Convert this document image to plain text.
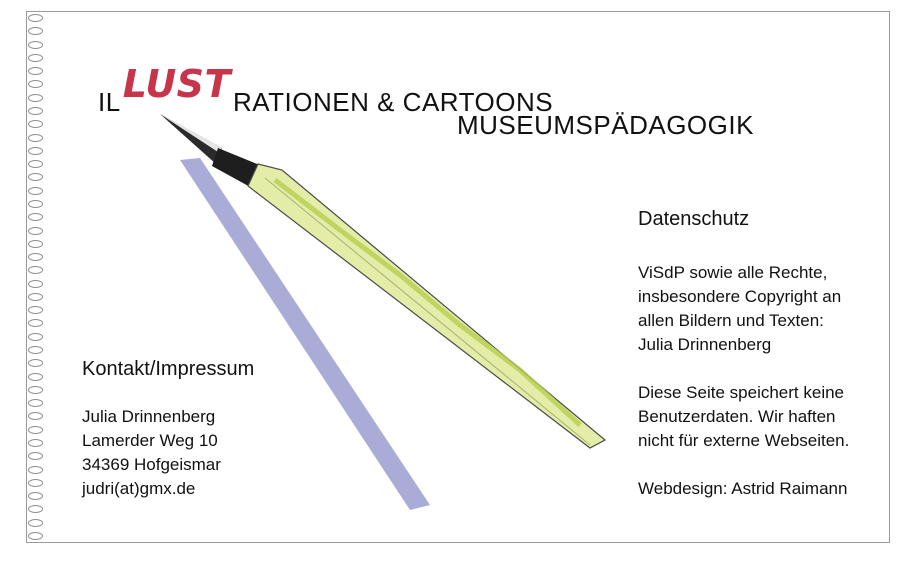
ILLUSTRATIONEN & CARTOONS
MUSEUMSPÄDAGOGIK
Kontakt/Impressum
Julia Drinnenberg
Lamerder Weg 10
34369 Hofgeismar
judri(at)gmx.de
Datenschutz

ViSdP sowie alle Rechte,
insbesondere Copyright an
allen Bildern und Texten:
Julia Drinnenberg

Diese Seite speichert keine
Benutzerdaten. Wir haften
nicht für externe Webseiten.

Webdesign: Astrid Raimann
